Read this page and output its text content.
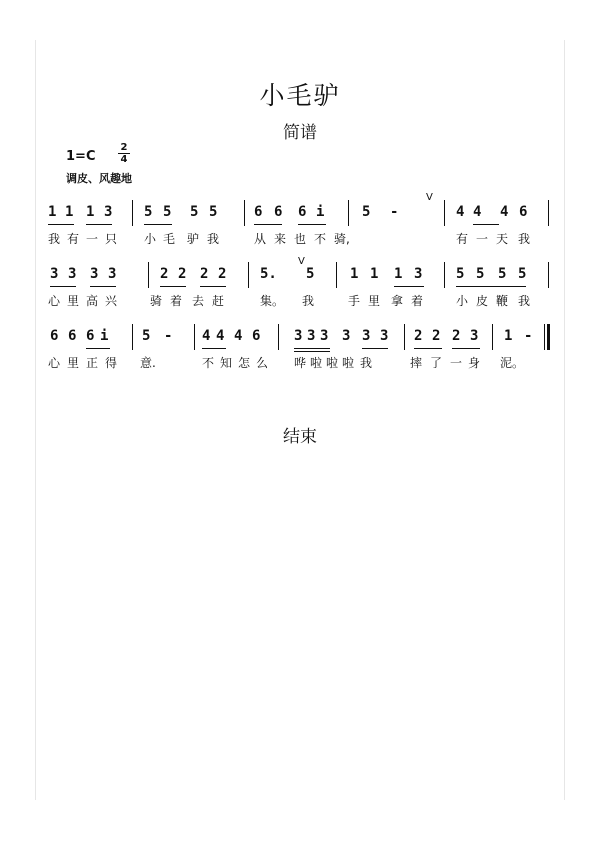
小毛驴
简谱
1=C
2
4
调皮、风趣地
1 1 1 3 5 5 5 5	6 6 6 i	5 -
V
4 4 4 6
我 有 一 只 小 毛 驴 我	从 来 也 不 骑,	有 一 天 我
3 3 3 3	2 2 2 2 5.
V
5	1 1 1 3 5 5 5 5
心 里 高 兴	骑 着 去 赶	集。 我	手 里 拿 着	小 皮 鞭 我
6 6 6 i 5 - 4 4 4 6 3 3 3 3 3 3 2 2 2 3 1 -
心 里 正 得 意.	不 知 怎 么 哗 啦 啦 啦 我	摔 了 一 身 泥。
结束
